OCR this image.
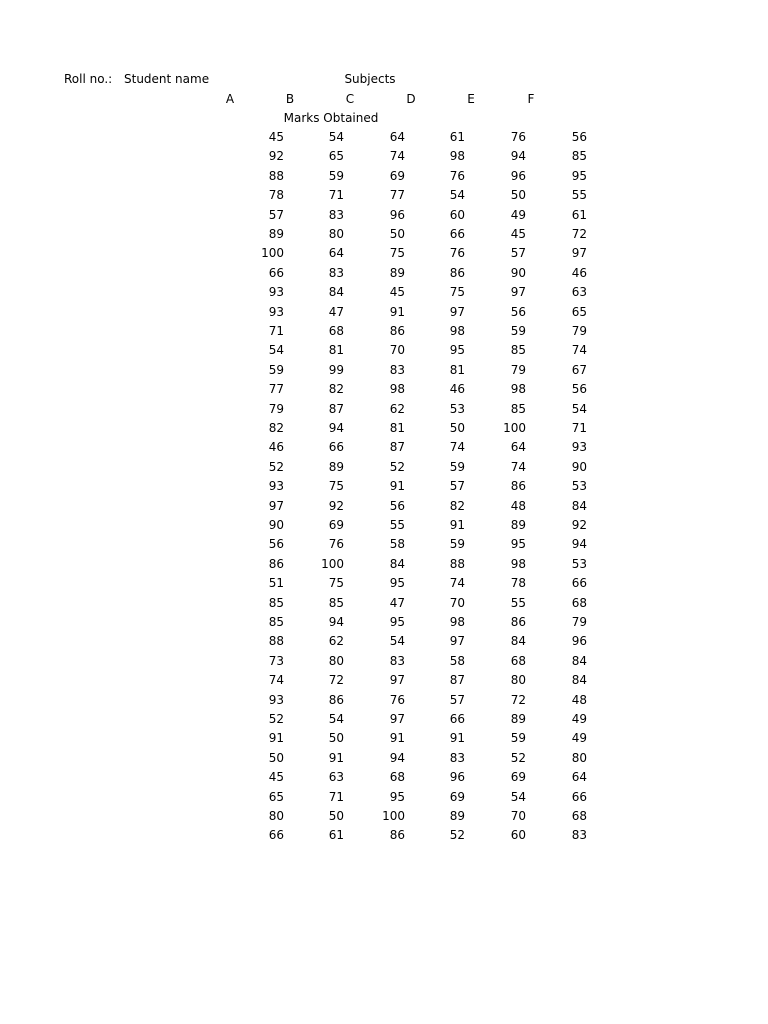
Roll no.: Student name	Subjects
A	B	C	D	E	F
Marks Obtained
45	54	64	61	76	56
92	65	74	98	94	85
88	59	69	76	96	95
78	71	77	54	50	55
57	83	96	60	49	61
89	80	50	66	45	72
100	64	75	76	57	97
66	83	89	86	90	46
93	84	45	75	97	63
93	47	91	97	56	65
71	68	86	98	59	79
54	81	70	95	85	74
59	99	83	81	79	67
77	82	98	46	98	56
79	87	62	53	85	54
82	94	81	50	100	71
46	66	87	74	64	93
52	89	52	59	74	90
93	75	91	57	86	53
97	92	56	82	48	84
90	69	55	91	89	92
56	76	58	59	95	94
86	100	84	88	98	53
51	75	95	74	78	66
85	85	47	70	55	68
85	94	95	98	86	79
88	62	54	97	84	96
73	80	83	58	68	84
74	72	97	87	80	84
93	86	76	57	72	48
52	54	97	66	89	49
91	50	91	91	59	49
50	91	94	83	52	80
45	63	68	96	69	64
65	71	95	69	54	66
80	50	100	89	70	68
66	61	86	52	60	83
